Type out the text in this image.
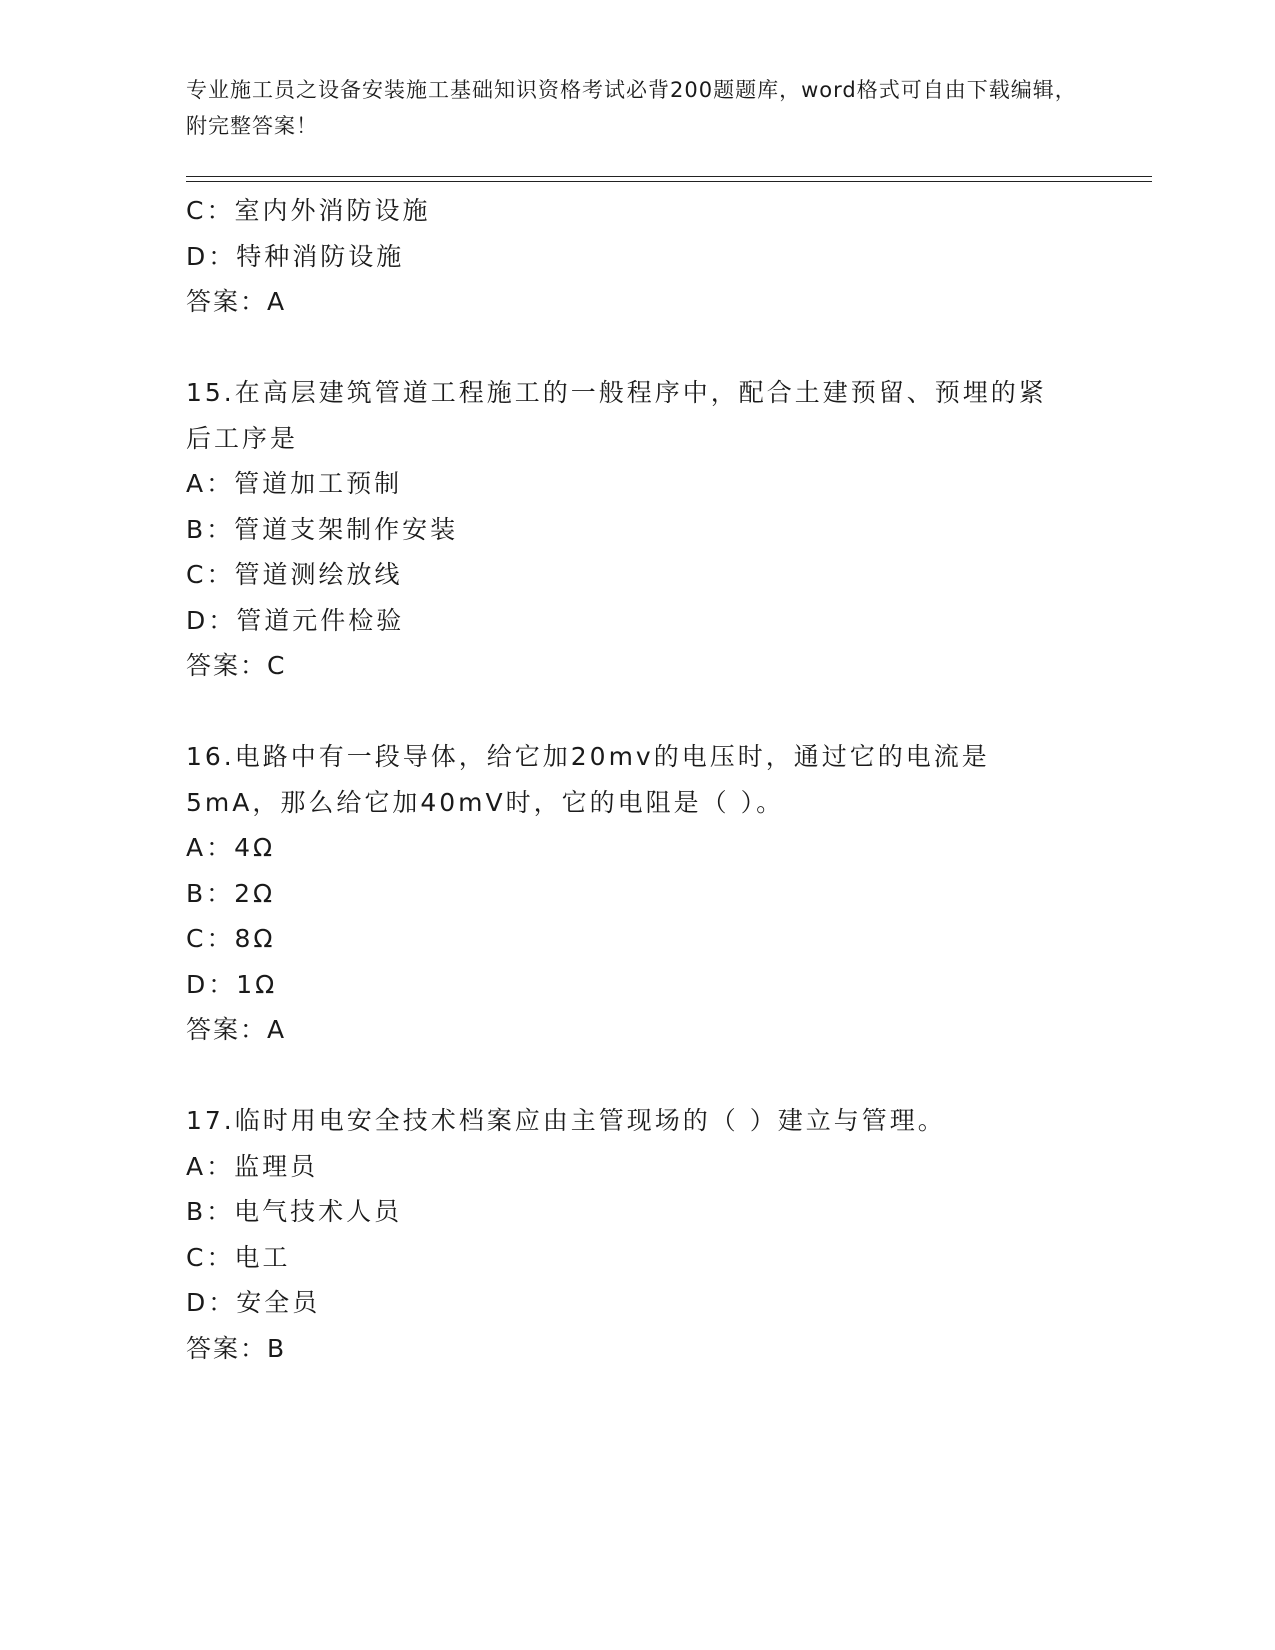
专业施工员之设备安装施工基础知识资格考试必背200题题库，word格式可自由下载编辑，附完整答案！
C：室内外消防设施
D：特种消防设施
答案：A
15.在高层建筑管道工程施工的一般程序中，配合土建预留、预埋的紧后工序是
A：管道加工预制
B：管道支架制作安装
C：管道测绘放线
D：管道元件检验
答案：C
16.电路中有一段导体，给它加20mv的电压时，通过它的电流是5mA，那么给它加40mV时，它的电阻是（ ）。
A：4Ω
B：2Ω
C：8Ω
D：1Ω
答案：A
17.临时用电安全技术档案应由主管现场的（ ）建立与管理。
A：监理员
B：电气技术人员
C：电工
D：安全员
答案：B
